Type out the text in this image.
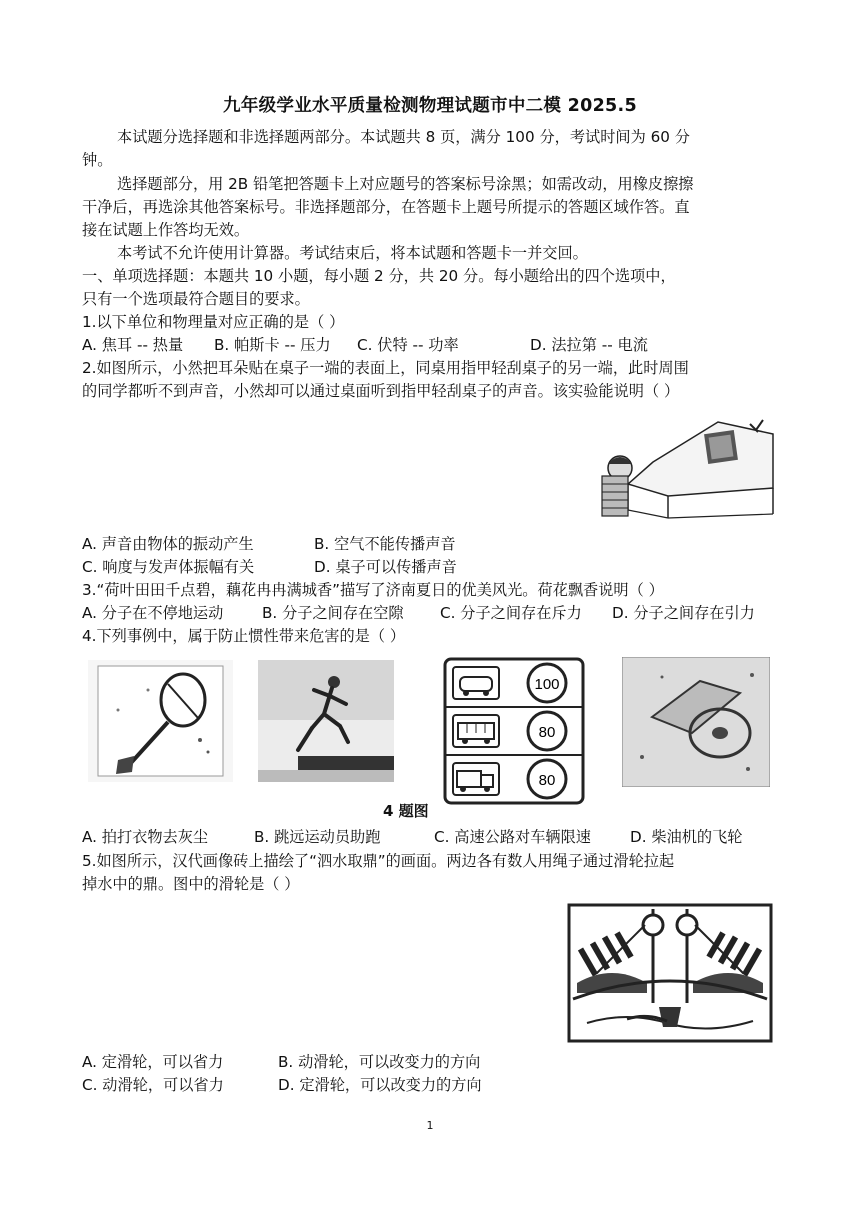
九年级学业水平质量检测物理试题市中二模 2025.5
本试题分选择题和非选择题两部分。本试题共 8 页，满分 100 分，考试时间为 60 分
钟。
选择题部分，用 2B 铅笔把答题卡上对应题号的答案标号涂黑；如需改动，用橡皮擦擦
干净后，再选涂其他答案标号。非选择题部分，在答题卡上题号所提示的答题区域作答。直
接在试题上作答均无效。
本考试不允许使用计算器。考试结束后，将本试题和答题卡一并交回。
一、单项选择题：本题共 10 小题，每小题 2 分，共 20 分。每小题给出的四个选项中，
只有一个选项最符合题目的要求。
1.以下单位和物理量对应正确的是（ ）
A. 焦耳 -- 热量 B. 帕斯卡 -- 压力 C. 伏特 -- 功率	D. 法拉第 -- 电流
2.如图所示，小然把耳朵贴在桌子一端的表面上，同桌用指甲轻刮桌子的另一端，此时周围
的同学都听不到声音，小然却可以通过桌面听到指甲轻刮桌子的声音。该实验能说明（ ）
A. 声音由物体的振动产生	B. 空气不能传播声音
C. 响度与发声体振幅有关	D. 桌子可以传播声音
3.“荷叶田田千点碧，藕花冉冉满城香”描写了济南夏日的优美风光。荷花飘香说明（ ）
A. 分子在不停地运动	B. 分子之间存在空隙 C. 分子之间存在斥力 D. 分子之间存在引力
4.下列事例中，属于防止惯性带来危害的是（ ）
100
80
80
4 题图
A. 拍打衣物去灰尘	B. 跳远运动员助跑	C. 高速公路对车辆限速	D. 柴油机的飞轮
5.如图所示，汉代画像砖上描绘了“泗水取鼎”的画面。两边各有数人用绳子通过滑轮拉起
掉水中的鼎。图中的滑轮是（ ）
A. 定滑轮，可以省力	B. 动滑轮，可以改变力的方向
C. 动滑轮，可以省力	D. 定滑轮，可以改变力的方向
1
